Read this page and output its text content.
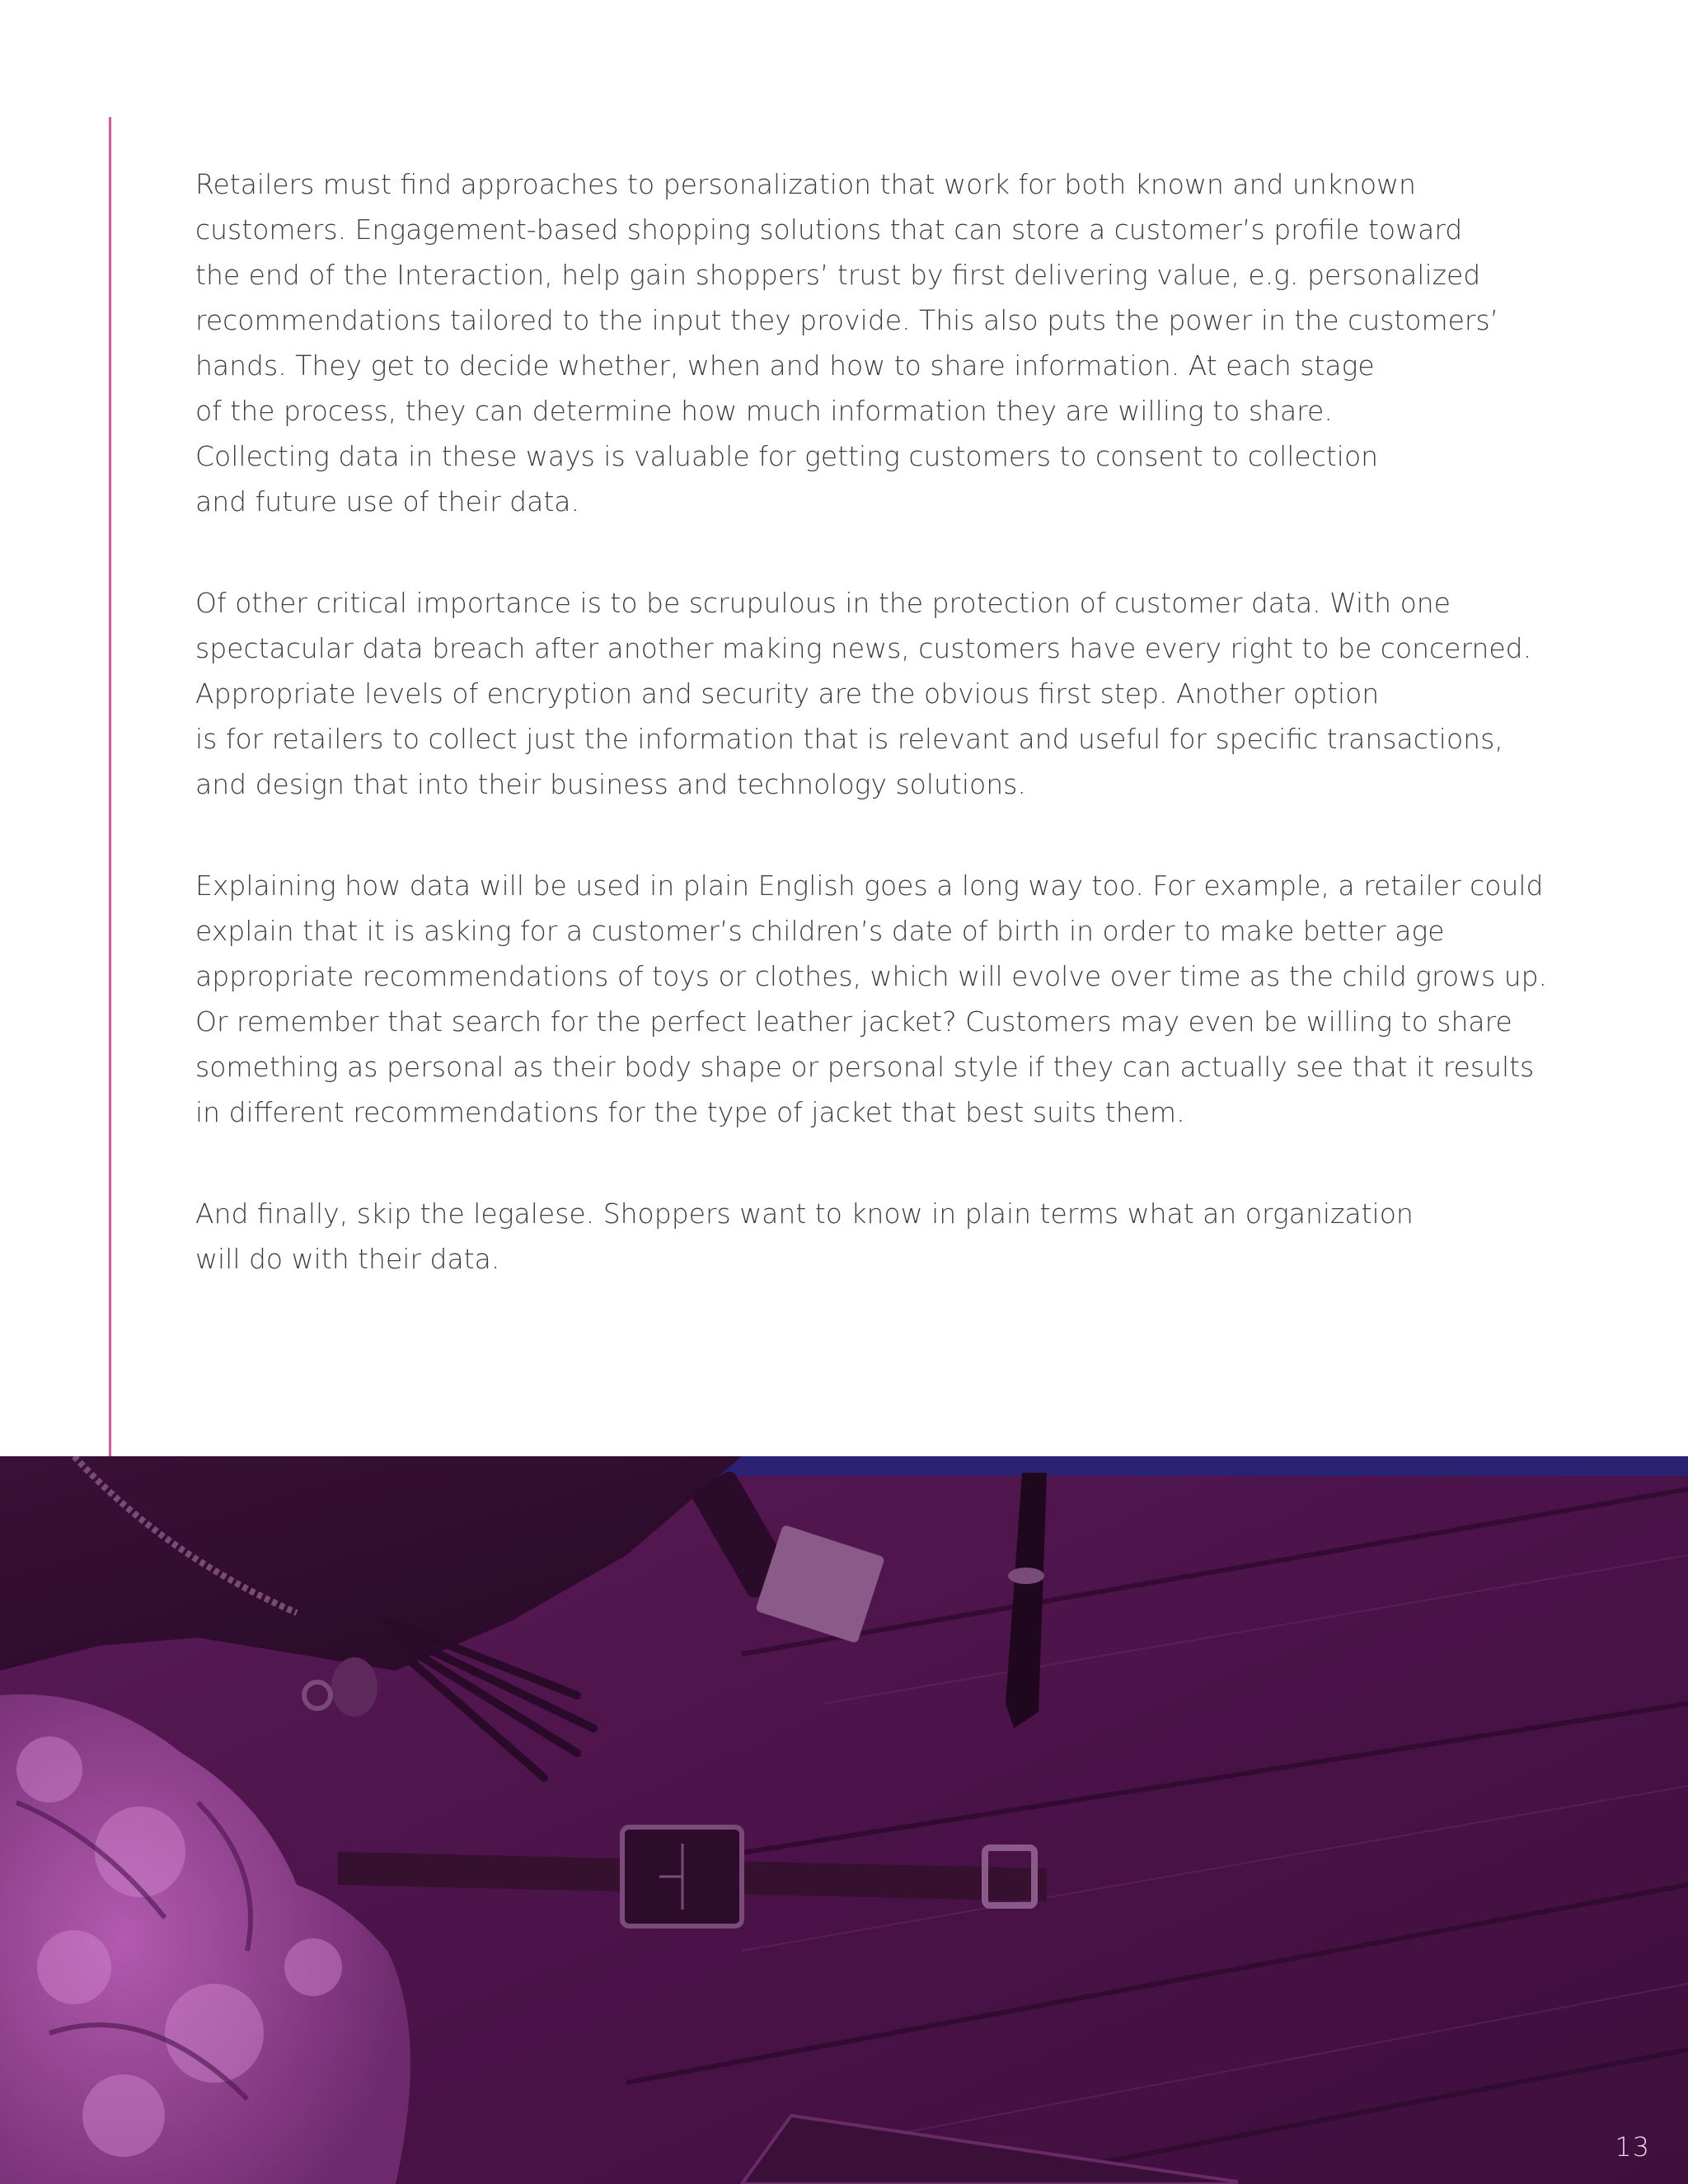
Retailers must find approaches to personalization that work for both known and unknown
customers. Engagement-based shopping solutions that can store a customer’s profile toward
the end of the Interaction, help gain shoppers’ trust by first delivering value, e.g. personalized
recommendations tailored to the input they provide. This also puts the power in the customers’
hands. They get to decide whether, when and how to share information. At each stage
of the process, they can determine how much information they are willing to share.
Collecting data in these ways is valuable for getting customers to consent to collection
and future use of their data.

Of other critical importance is to be scrupulous in the protection of customer data. With one
spectacular data breach after another making news, customers have every right to be concerned.
Appropriate levels of encryption and security are the obvious first step. Another option
is for retailers to collect just the information that is relevant and useful for specific transactions,
and design that into their business and technology solutions.

Explaining how data will be used in plain English goes a long way too. For example, a retailer could
explain that it is asking for a customer’s children’s date of birth in order to make better age
appropriate recommendations of toys or clothes, which will evolve over time as the child grows up.
Or remember that search for the perfect leather jacket? Customers may even be willing to share
something as personal as their body shape or personal style if they can actually see that it results
in different recommendations for the type of jacket that best suits them.

And finally, skip the legalese. Shoppers want to know in plain terms what an organization
will do with their data.

13
